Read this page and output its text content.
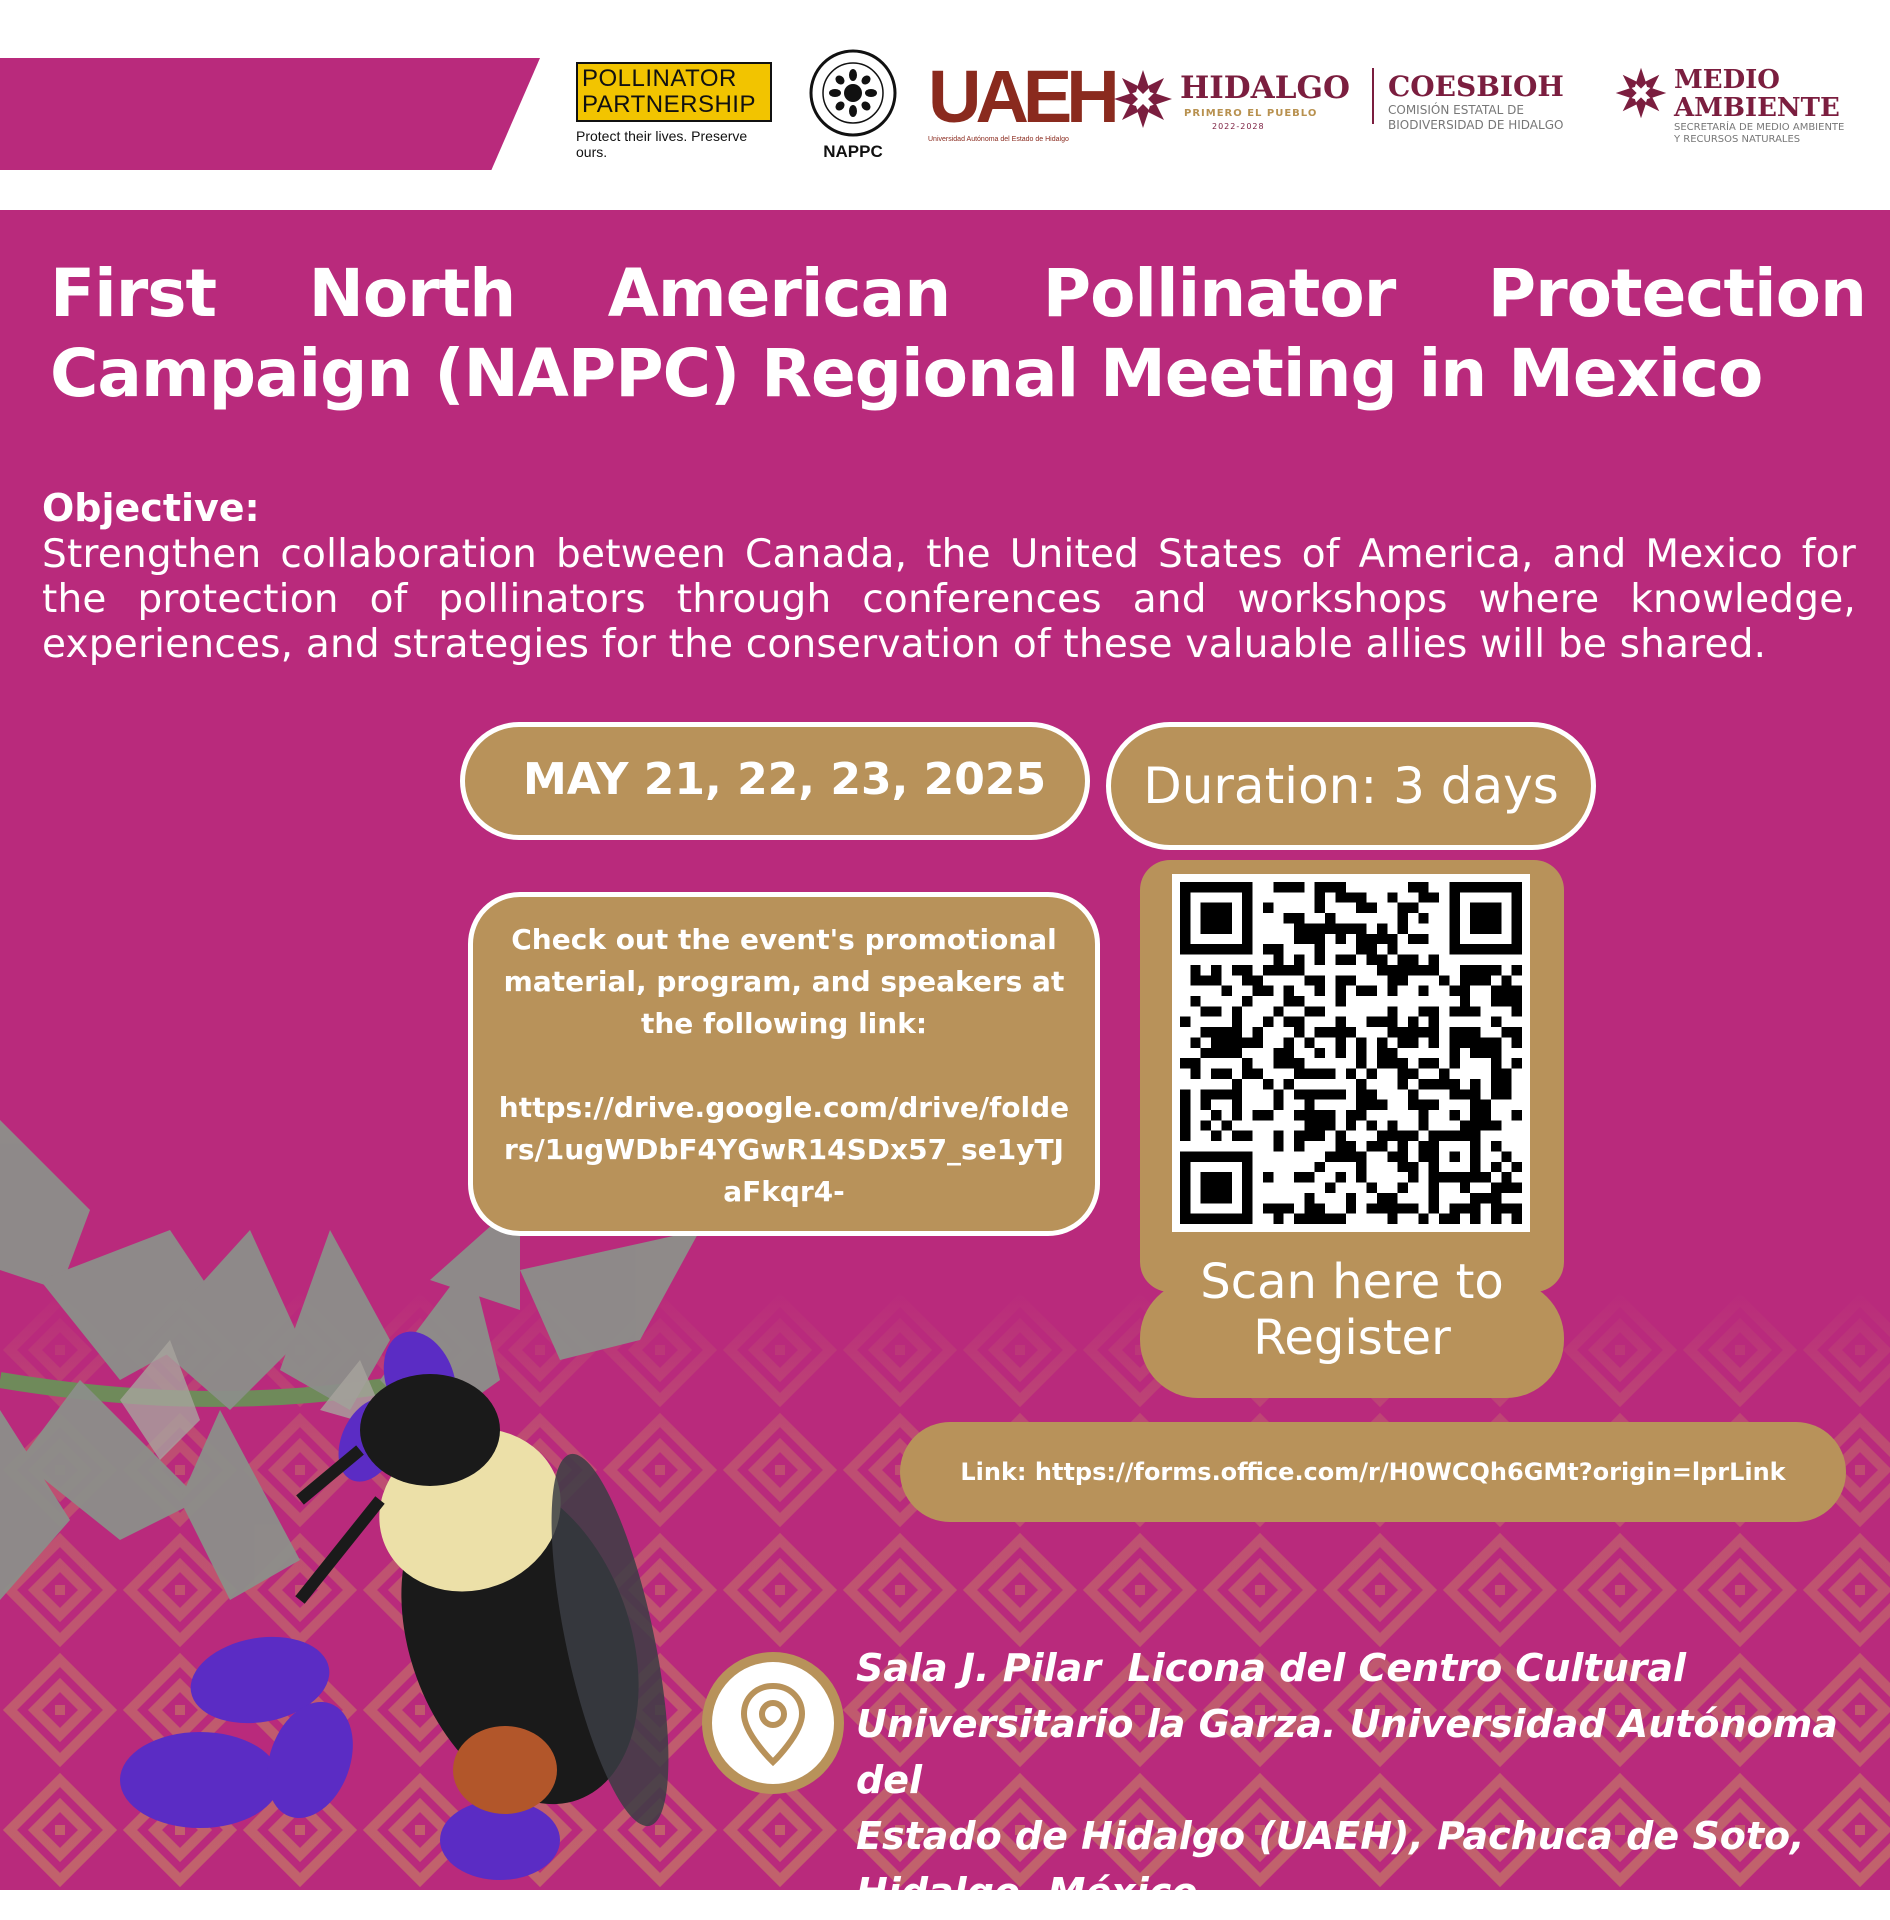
POLLINATOR
PARTNERSHIP
Protect their lives. Preserve ours.	NAPPC
UAEH
Universidad Autónoma del Estado de Hidalgo
HIDALGO
PRIMERO EL PUEBLO
2022-2028
COESBIOH
COMISIÓN ESTATAL DE
BIODIVERSIDAD DE HIDALGO
MEDIO
AMBIENTE
SECRETARÍA DE MEDIO AMBIENTE
Y RECURSOS NATURALES
First North American Pollinator Protection
Campaign (NAPPC) Regional Meeting in Mexico
Objective:

Strengthen collaboration between Canada, the United States of America, and Mexico for the protection of pollinators through conferences and workshops where knowledge, experiences, and strategies for the conservation of these valuable allies will be shared.

MAY 21, 22, 23, 2025	Duration: 3 days
Check out the event's promotional material, program, and speakers at the following link:
https://drive.google.com/drive/folders/1ugWDbF4YGwR14SDx57_se1yTJaFkqr4-
Scan here to
Register
Link: https://forms.office.com/r/H0WCQh6GMt?origin=lprLink
Sala J. Pilar  Licona del Centro Cultural
Universitario la Garza. Universidad Autónoma del
Estado de Hidalgo (UAEH), Pachuca de Soto,
Hidalgo, México.
